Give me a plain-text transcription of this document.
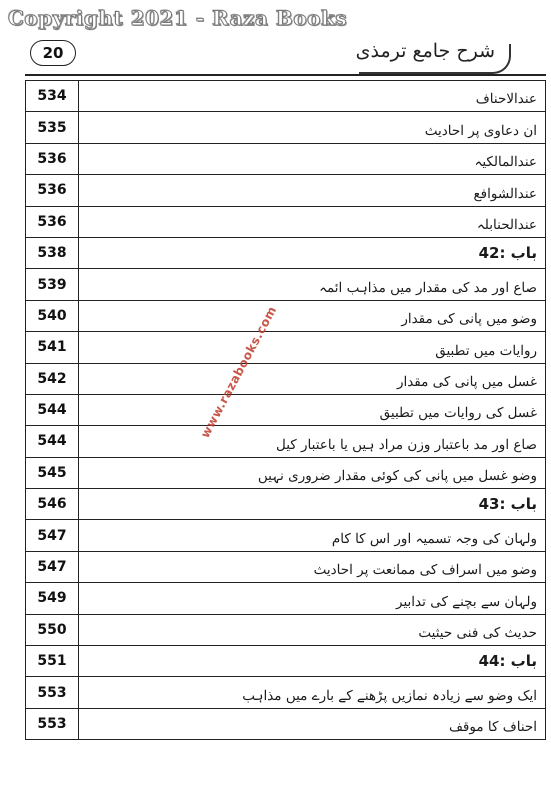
Copyright 2021 - Raza Books
20	شرح جامع ترمذی
534	عندالاحناف
535	ان دعاوی پر احادیث
536	عندالمالکیہ
536	عندالشوافع
536	عندالحنابلہ
538	باب :42
539	صاع اور مد کی مقدار میں مذاہب ائمہ
540	وضو میں پانی کی مقدار
541	روایات میں تطبیق
542	غسل میں پانی کی مقدار
544	غسل کی روایات میں تطبیق
544	صاع اور مد باعتبار وزن مراد ہیں یا باعتبار کیل
545	وضو غسل میں پانی کی کوئی مقدار ضروری نہیں
546	باب :43
547	ولہان کی وجہ تسمیہ اور اس کا کام
547	وضو میں اسراف کی ممانعت پر احادیث
549	ولہان سے بچنے کی تدابیر
550	حدیث کی فنی حیثیت
551	باب :44
553	ایک وضو سے زیادہ نمازیں پڑھنے کے بارے میں مذاہب
553	احناف کا موقف
www.razabooks.com
